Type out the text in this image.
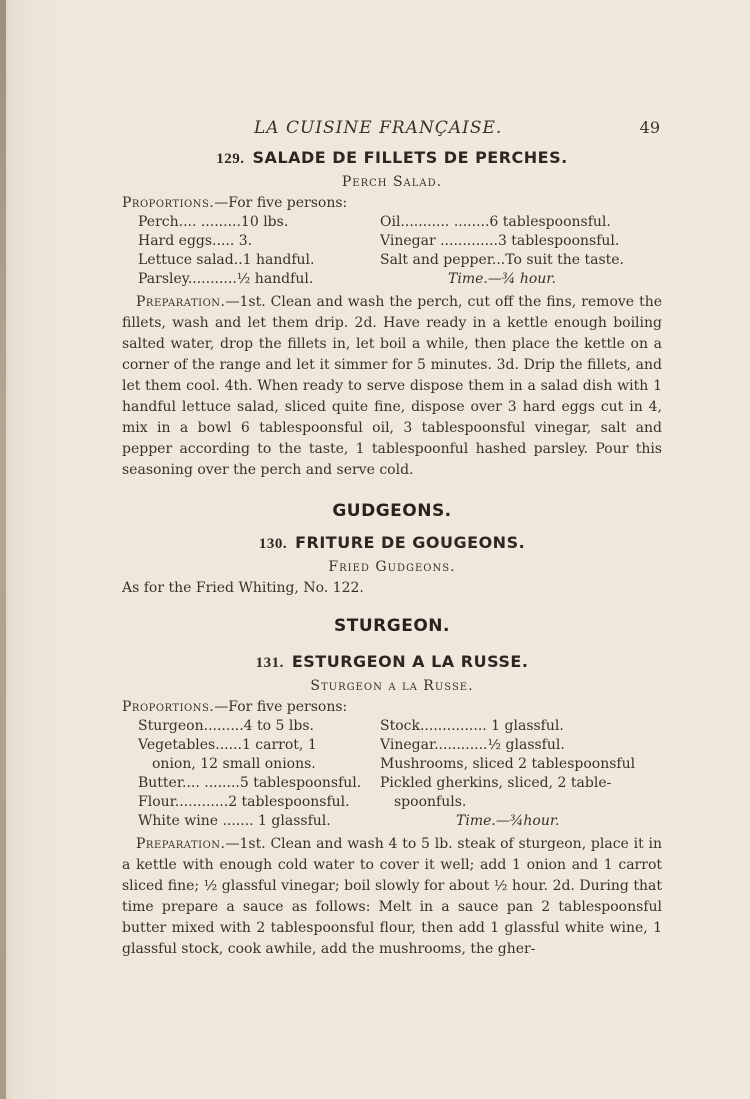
LA CUISINE FRANÇAISE.	49
129. SALADE DE FILLETS DE PERCHES.
Perch Salad.

Proportions.—For five persons:

Perch.... .........10 lbs.	Oil........... ........6 tablespoonsful.
Hard eggs..... 3.	Vinegar .............3 tablespoonsful.
Lettuce salad..1 handful.	Salt and pepper...To suit the taste.
Parsley...........½ handful.	Time.—¾ hour.

Preparation.—1st. Clean and wash the perch, cut off the fins, remove the fillets, wash and let them drip. 2d. Have ready in a kettle enough boiling salted water, drop the fillets in, let boil a while, then place the kettle on a corner of the range and let it simmer for 5 minutes. 3d. Drip the fillets, and let them cool. 4th. When ready to serve dispose them in a salad dish with 1 handful lettuce salad, sliced quite fine, dispose over 3 hard eggs cut in 4, mix in a bowl 6 tablespoonsful oil, 3 tablespoonsful vinegar, salt and pepper according to the taste, 1 tablespoonful hashed parsley. Pour this seasoning over the perch and serve cold.

GUDGEONS.
130. FRITURE DE GOUGEONS.
Fried Gudgeons.

As for the Fried Whiting, No. 122.

STURGEON.
131. ESTURGEON A LA RUSSE.
Sturgeon a la Russe.

Proportions.—For five persons:

Sturgeon.........4 to 5 lbs.	Stock............... 1 glassful.
Vegetables......1 carrot, 1	Vinegar............½ glassful.
onion, 12 small onions.	Mushrooms, sliced 2 tablespoonsful
Butter.... ........5 tablespoonsful.	Pickled gherkins, sliced, 2 table-
Flour............2 tablespoonsful.	spoonfuls.
White wine ....... 1 glassful.	Time.—¾hour.

Preparation.—1st. Clean and wash 4 to 5 lb. steak of sturgeon, place it in a kettle with enough cold water to cover it well; add 1 onion and 1 carrot sliced fine; ½ glassful vinegar; boil slowly for about ½ hour. 2d. During that time prepare a sauce as follows: Melt in a sauce pan 2 tablespoonsful butter mixed with 2 tablespoonsful flour, then add 1 glassful white wine, 1 glassful stock, cook awhile, add the mushrooms, the gher-
